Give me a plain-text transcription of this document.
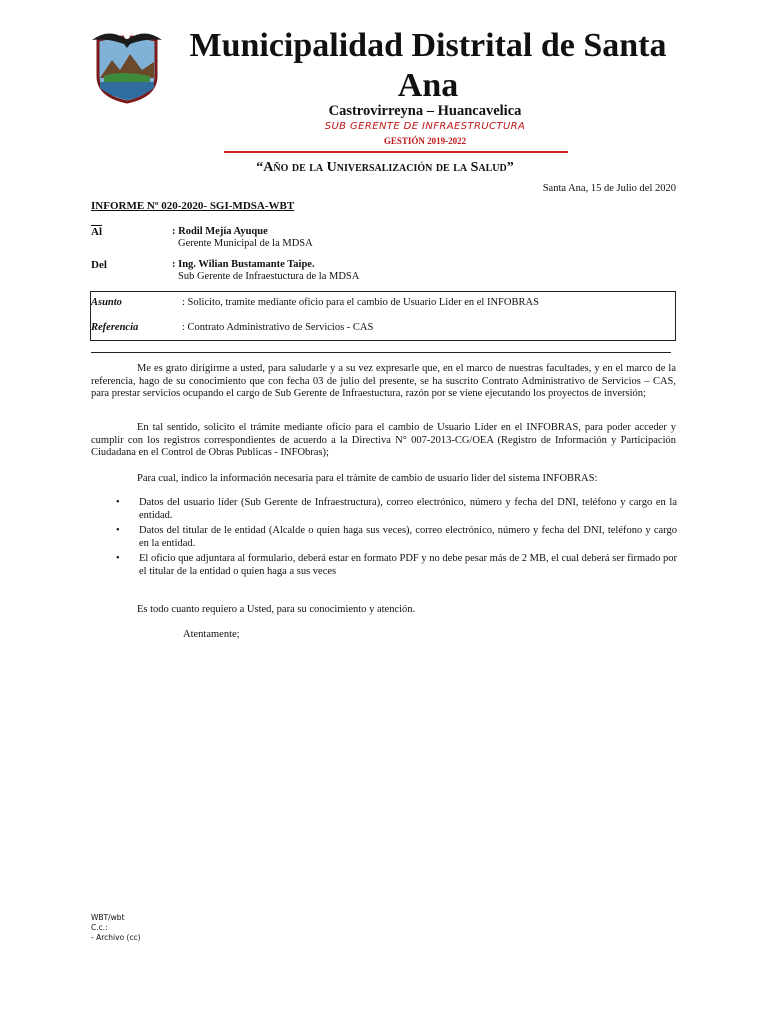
Municipalidad Distrital de Santa Ana
Castrovirreyna – Huancavelica
SUB GERENTE DE INFRAESTRUCTURA
GESTIÓN 2019-2022
“Año de la Universalización de la Salud”
Santa Ana, 15 de Julio del 2020
INFORME Nº 020-2020- SGI-MDSA-WBT
$\overline{Al}$	: Rodil Mejía Ayuque
Gerente Municipal de la MDSA
Del	: Ing. Wilian Bustamante Taipe.
Sub Gerente de Infraestuctura de la MDSA
Asunto	: Solicito, tramite mediante oficio para el cambio de Usuario Lider en el INFOBRAS
Referencia	: Contrato Administrativo de Servicios - CAS
Me es grato dirigirme a usted, para saludarle y a su vez expresarle que, en el marco de nuestras facultades, y en el marco de la referencia, hago de su conocimiento que con fecha 03 de julio del presente, se ha suscrito Contrato Administrativo de Servicios – CAS, para prestar servicios ocupando el cargo de Sub Gerente de Infraestuctura, razón por se viene ejecutando los proyectos de inversión;
En tal sentido, solicito el trámite mediante oficio para el cambio de Usuario Lider en el INFOBRAS, para poder acceder y cumplir con los registros correspondientes de acuerdo a la Directiva N° 007-2013-CG/OEA (Registro de Información y Participación Ciudadana en el Control de Obras Publicas - INFObras);
Para cual, indico la información necesaria para el trámite de cambio de usuario lider del sistema INFOBRAS:
• Datos del usuario líder (Sub Gerente de Infraestructura), correo electrónico, número y fecha del DNI, teléfono y cargo en la entidad.
• Datos del titular de le entidad (Alcalde o quien haga sus veces), correo electrónico, número y fecha del DNI, teléfono y cargo en la entidad.
• El oficio que adjuntara al formulario, deberá estar en formato PDF y no debe pesar más de 2 MB, el cual deberá ser firmado por el titular de la entidad o quien haga a sus veces
Es todo cuanto requiero a Usted, para su conocimiento y atención.
Atentamente;
WBT/wbt
C.c.:
- Archivo (cc)
